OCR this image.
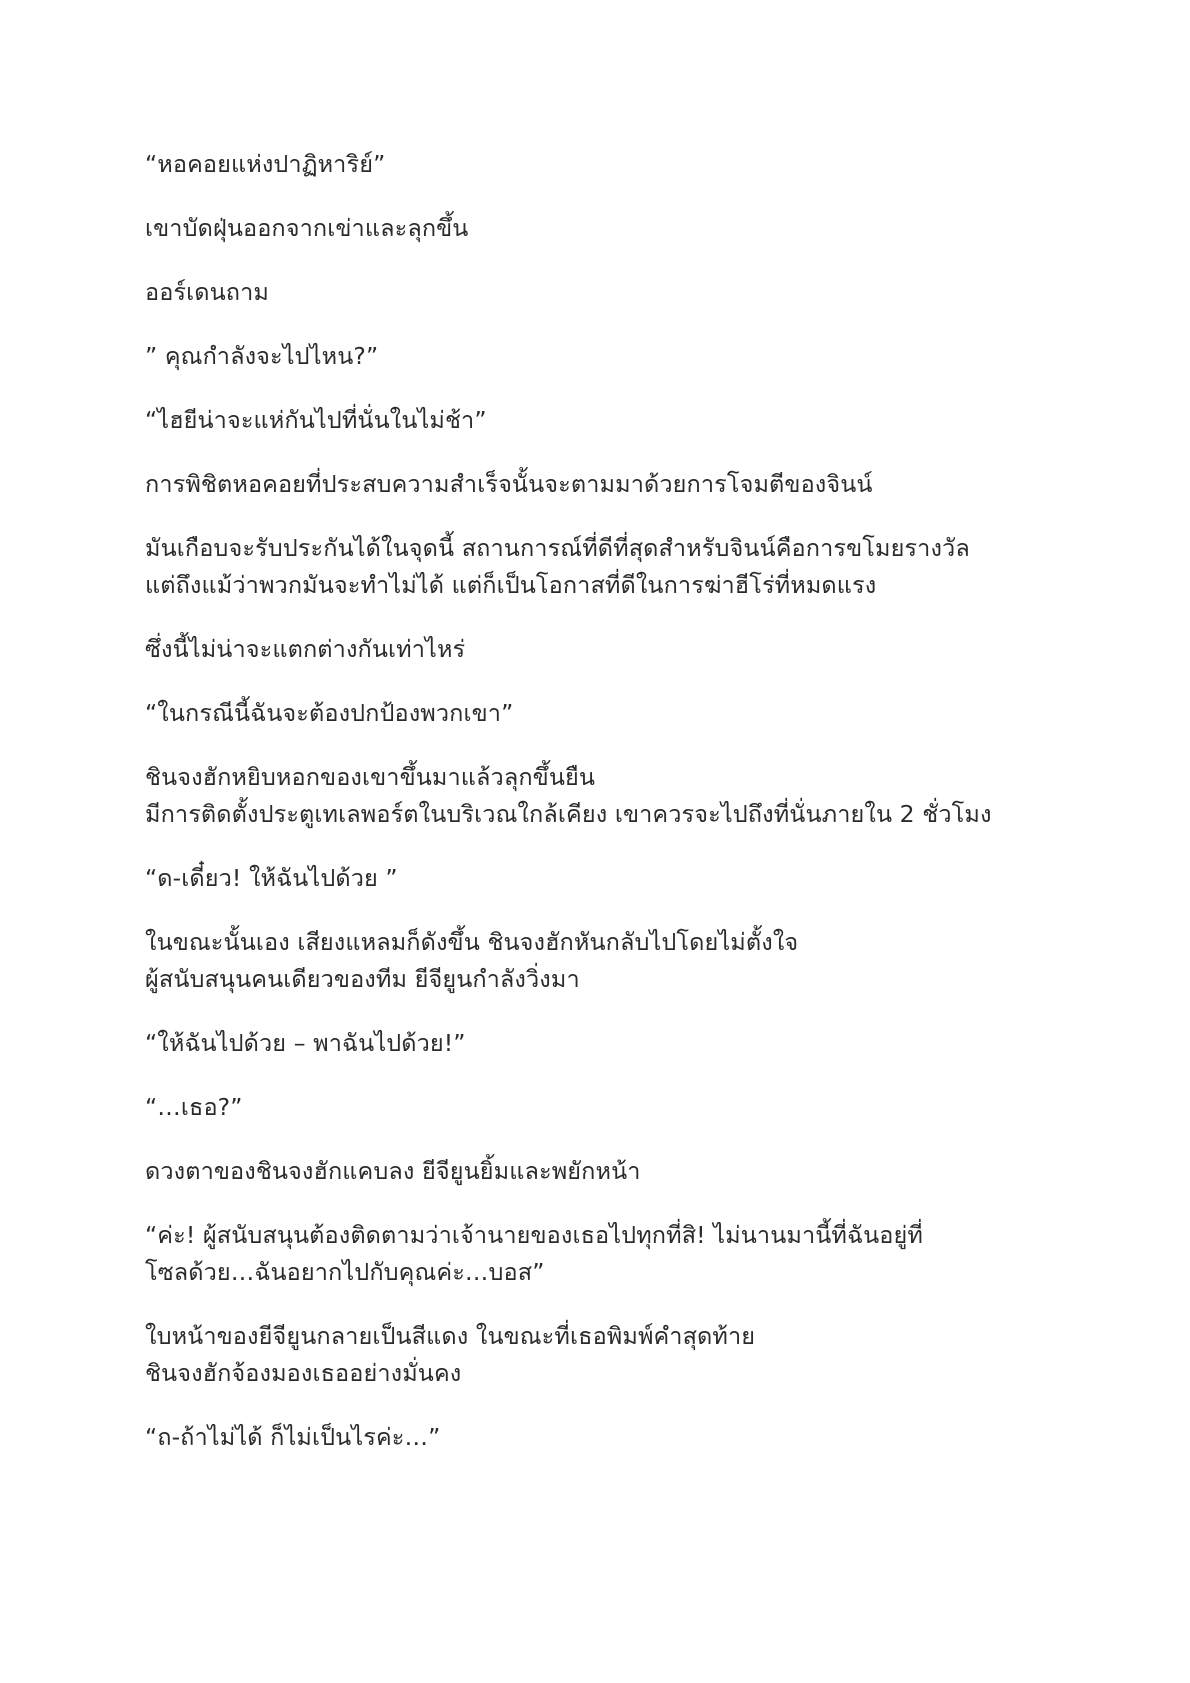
“หอคอยแห่งปาฏิหาริย์”

เขาบัดฝุ่นออกจากเข่าและลุกขึ้น

ออร์เดนถาม

” คุณกำลังจะไปไหน?”

“ไฮยีน่าจะแห่กันไปที่นั่นในไม่ช้า”

การพิชิตหอคอยที่ประสบความสำเร็จนั้นจะตามมาด้วยการโจมตีของจินน์

มันเกือบจะรับประกันได้ในจุดนี้ สถานการณ์ที่ดีที่สุดสำหรับจินน์คือการขโมยรางวัล
แต่ถึงแม้ว่าพวกมันจะทำไม่ได้ แต่ก็เป็นโอกาสที่ดีในการฆ่าฮีโร่ที่หมดแรง

ซึ่งนี้ไม่น่าจะแตกต่างกันเท่าไหร่

“ในกรณีนี้ฉันจะต้องปกป้องพวกเขา”

ชินจงฮักหยิบหอกของเขาขึ้นมาแล้วลุกขึ้นยืน
มีการติดตั้งประตูเทเลพอร์ตในบริเวณใกล้เคียง เขาควรจะไปถึงที่นั่นภายใน 2 ชั่วโมง

“ด-เดี๋ยว! ให้ฉันไปด้วย ”

ในขณะนั้นเอง เสียงแหลมก็ดังขึ้น ชินจงฮักหันกลับไปโดยไม่ตั้งใจ
ผู้สนับสนุนคนเดียวของทีม ยีจียูนกำลังวิ่งมา

“ให้ฉันไปด้วย – พาฉันไปด้วย!”

“…เธอ?”

ดวงตาของชินจงฮักแคบลง ยีจียูนยิ้มและพยักหน้า

“ค่ะ! ผู้สนับสนุนต้องติดตามว่าเจ้านายของเธอไปทุกที่สิ! ไม่นานมานี้ที่ฉันอยู่ที่
โซลด้วย…ฉันอยากไปกับคุณค่ะ…บอส”

ใบหน้าของยีจียูนกลายเป็นสีแดง ในขณะที่เธอพิมพ์คำสุดท้าย
ชินจงฮักจ้องมองเธออย่างมั่นคง

“ถ-ถ้าไม่ได้ ก็ไม่เป็นไรค่ะ…”
